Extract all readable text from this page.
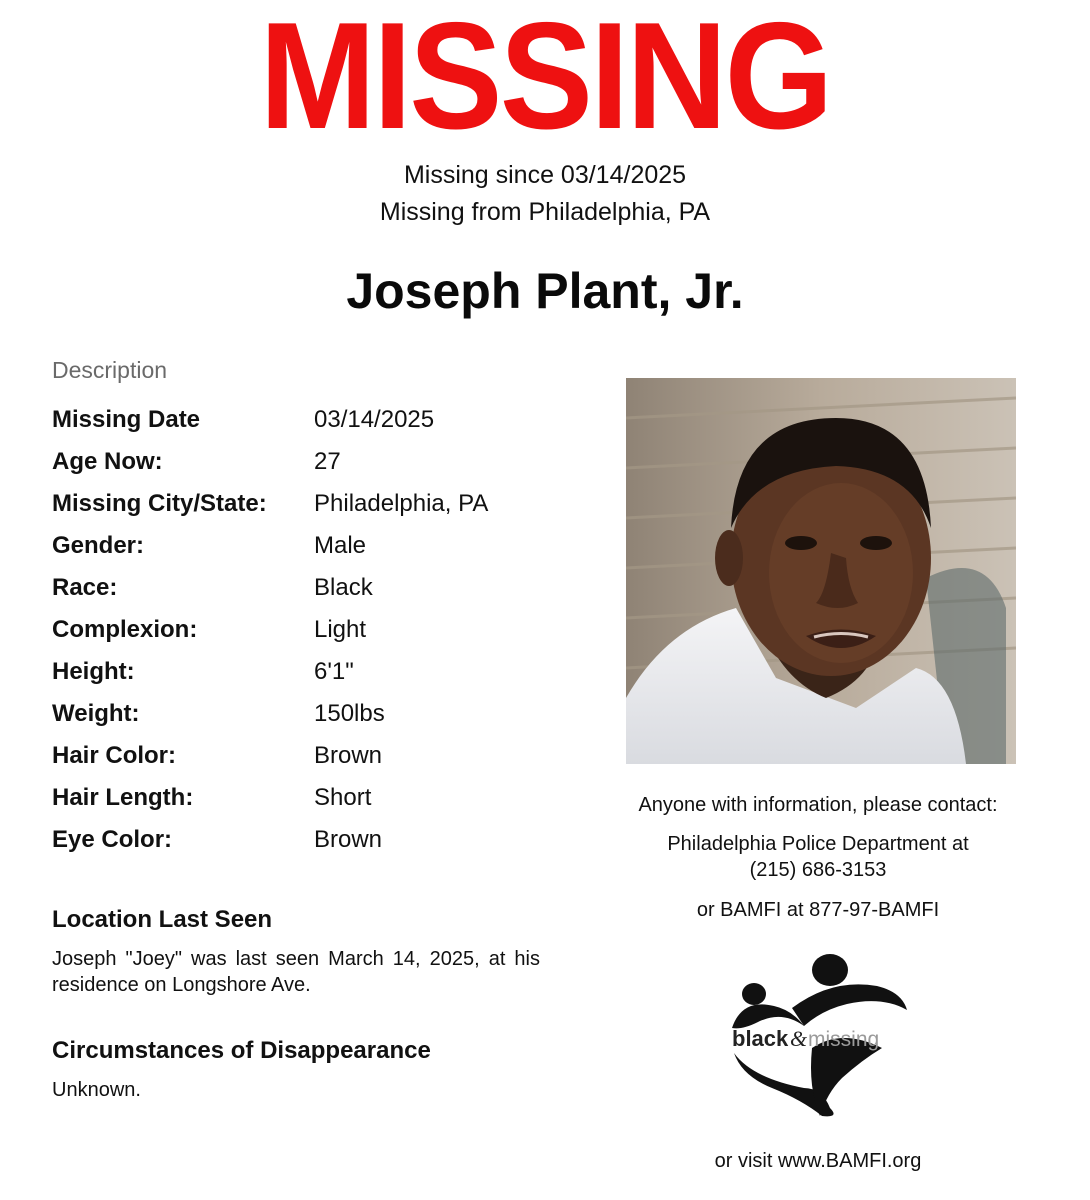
MISSING
Missing since 03/14/2025
Missing from Philadelphia, PA
Joseph Plant, Jr.
Description
Missing Date	03/14/2025
Age Now:	27
Missing City/State: Philadelphia, PA
Gender:	Male
Race:	Black
Complexion:	Light
Height:	6'1"
Weight:	150lbs
Hair Color:	Brown
Hair Length:	Short
Eye Color:	Brown
Location Last Seen
Joseph "Joey" was last seen March 14, 2025, at his residence on Longshore Ave.
Circumstances of Disappearance
Unknown.
Anyone with information, please contact:
Philadelphia Police Department at
(215) 686-3153
or BAMFI at 877-97-BAMFI
black & missing
or visit www.BAMFI.org
